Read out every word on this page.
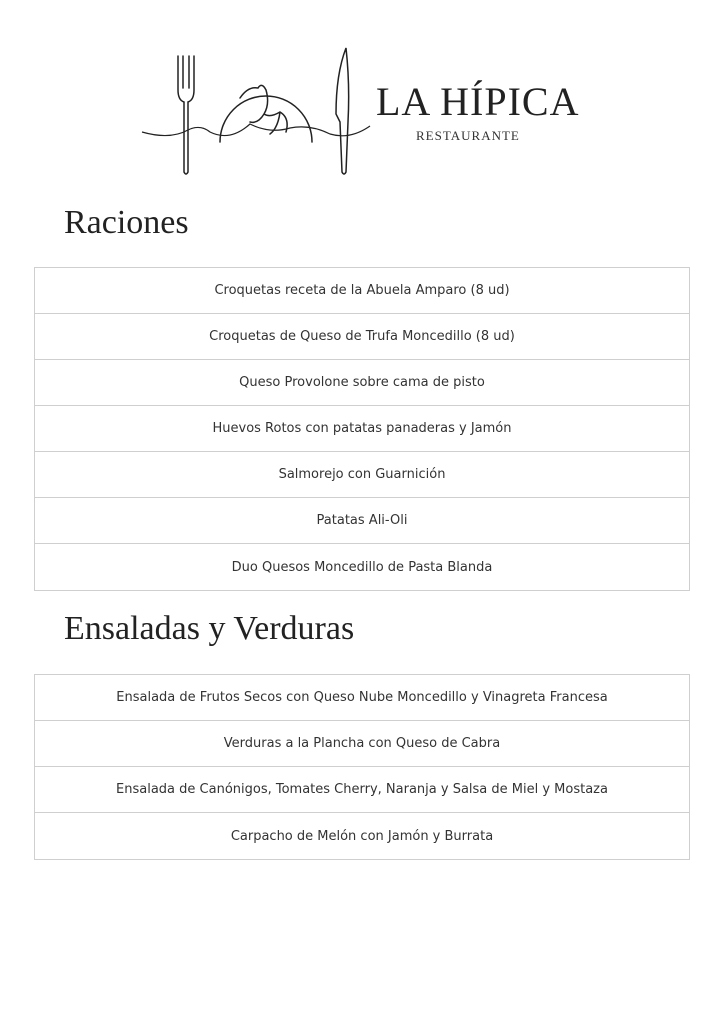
LA HÍPICA
RESTAURANTE
Raciones
Croquetas receta de la Abuela Amparo (8 ud)
Croquetas de Queso de Trufa Moncedillo (8 ud)
Queso Provolone sobre cama de pisto
Huevos Rotos con patatas panaderas y Jamón
Salmorejo con Guarnición
Patatas Ali-Oli
Duo Quesos Moncedillo de Pasta Blanda
Ensaladas y Verduras
Ensalada de Frutos Secos con Queso Nube Moncedillo y Vinagreta Francesa
Verduras a la Plancha con Queso de Cabra
Ensalada de Canónigos, Tomates Cherry, Naranja y Salsa de Miel y Mostaza
Carpacho de Melón con Jamón y Burrata
